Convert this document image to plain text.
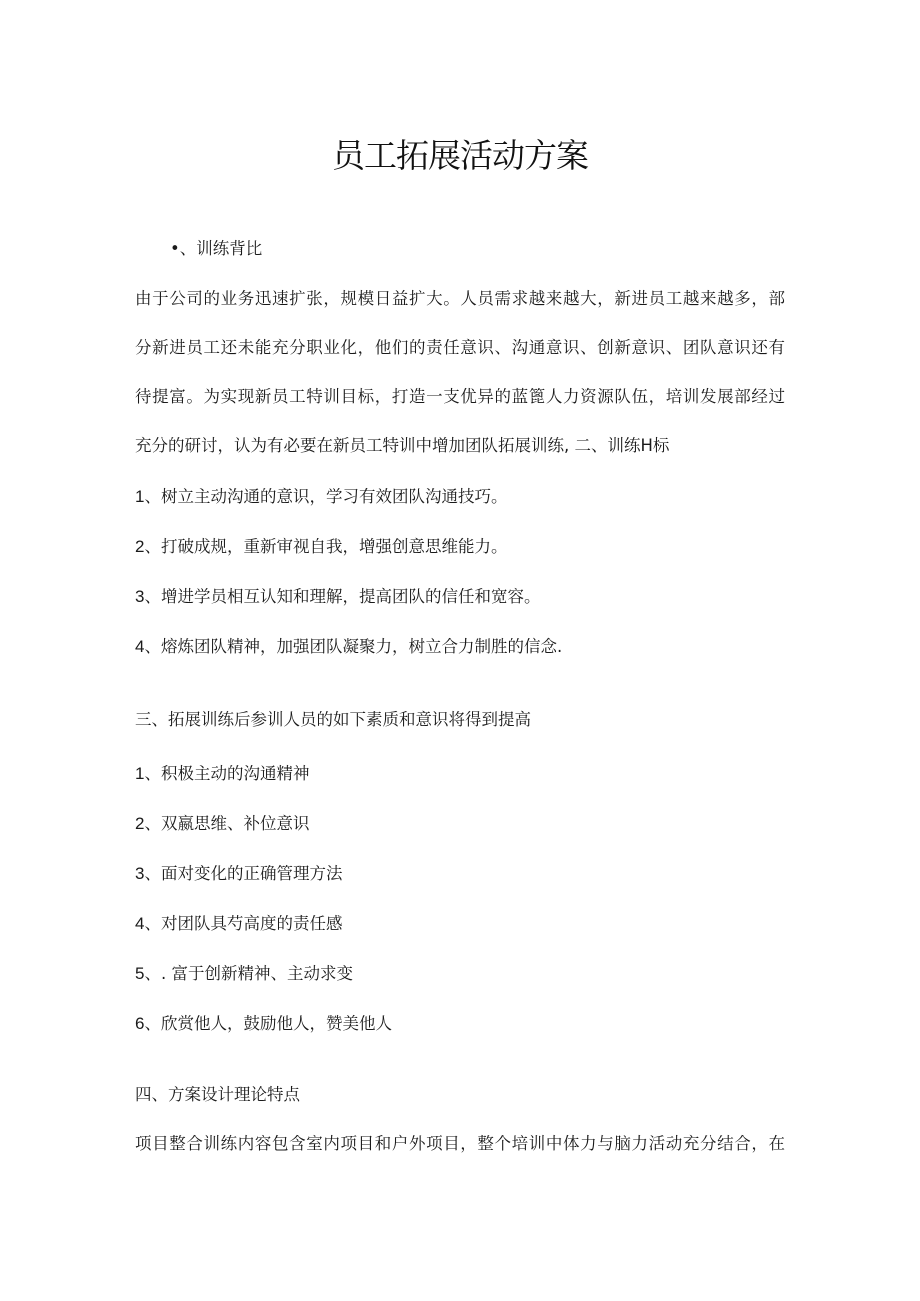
员工拓展活动方案
•、训练背比
由于公司的业务迅速扩张，规模日益扩大。人员需求越来越大，新进员工越来越多，部
分新进员工还未能充分职业化，他们的责任意识、沟通意识、创新意识、团队意识还有
待提富。为实现新员工特训目标，打造一支优异的蓝篦人力资源队伍，培训发展部经过
充分的研讨，认为有必要在新员工特训中增加团队拓展训练, 二、训练H标
1、树立主动沟通的意识，学习有效团队沟通技巧。
2、打破成规，重新审视自我，增强创意思维能力。
3、增进学员相互认知和理解，提高团队的信任和宽容。
4、熔炼团队精神，加强团队凝聚力，树立合力制胜的信念.
三、拓展训练后参训人员的如下素质和意识将得到提高
1、积极主动的沟通精神
2、双嬴思维、补位意识
3、面对变化的正确管理方法
4、对团队具芍高度的责任感
5、. 富于创新精神、主动求变
6、欣赏他人，鼓励他人，赞美他人
四、方案设计理论特点
项目整合训练内容包含室内项目和户外项目，整个培训中体力与脑力活动充分结合，在
